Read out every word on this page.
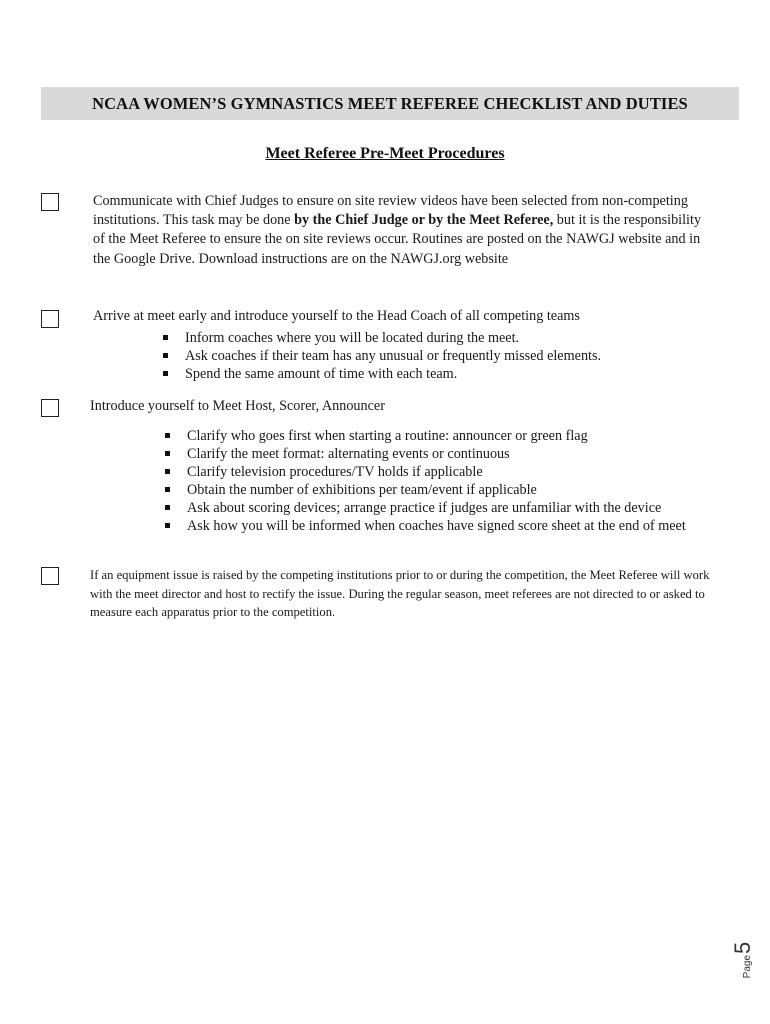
NCAA WOMEN’S GYMNASTICS MEET REFEREE CHECKLIST AND DUTIES
Meet Referee Pre-Meet Procedures
Communicate with Chief Judges to ensure on site review videos have been selected from non-competing institutions. This task may be done by the Chief Judge or by the Meet Referee, but it is the responsibility of the Meet Referee to ensure the on site reviews occur. Routines are posted on the NAWGJ website and in the Google Drive. Download instructions are on the NAWGJ.org website
Arrive at meet early and introduce yourself to the Head Coach of all competing teams
Inform coaches where you will be located during the meet.
Ask coaches if their team has any unusual or frequently missed elements.
Spend the same amount of time with each team.
Introduce yourself to Meet Host, Scorer, Announcer
Clarify who goes first when starting a routine: announcer or green flag
Clarify the meet format: alternating events or continuous
Clarify television procedures/TV holds if applicable
Obtain the number of exhibitions per team/event if applicable
Ask about scoring devices; arrange practice if judges are unfamiliar with the device
Ask how you will be informed when coaches have signed score sheet at the end of meet
If an equipment issue is raised by the competing institutions prior to or during the competition, the Meet Referee will work with the meet director and host to rectify the issue. During the regular season, meet referees are not directed to or asked to measure each apparatus prior to the competition.
Page
5
